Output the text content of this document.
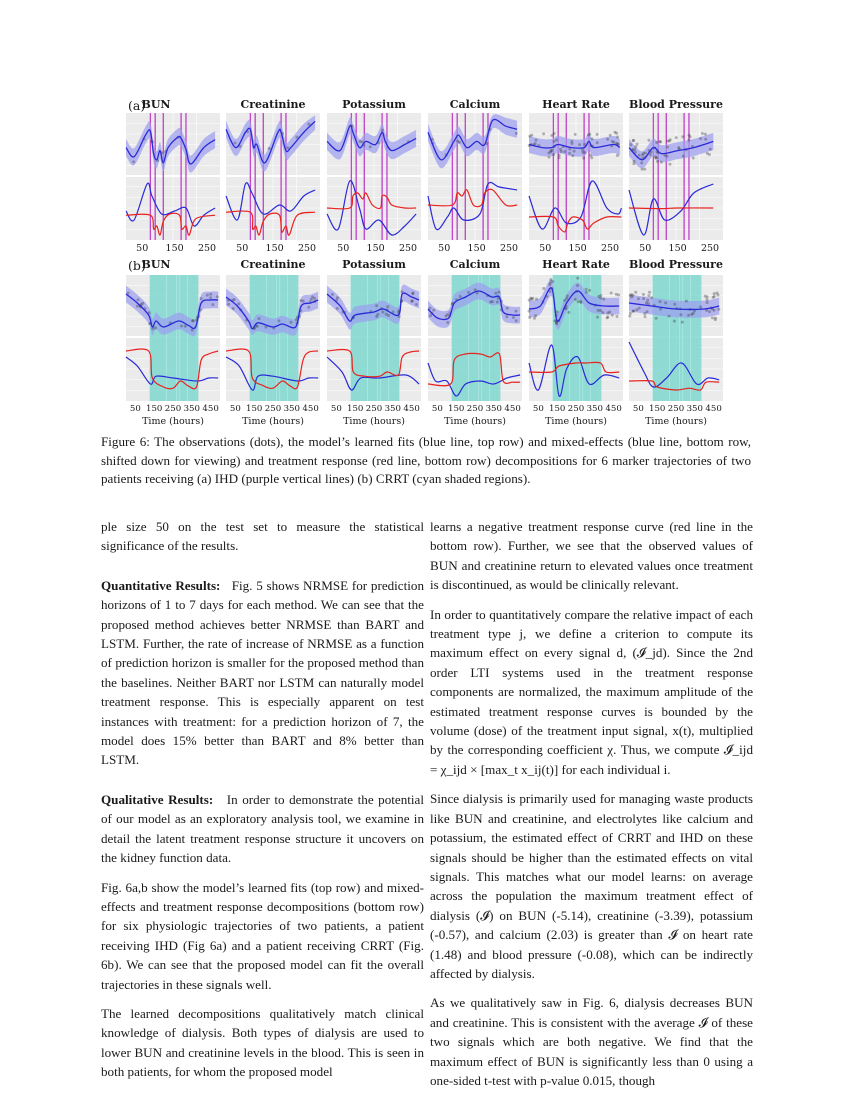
(a)
(b)
BUN
50	150	250
Creatinine
50	150	250
Potassium
50	150	250
Calcium
50	150	250
Heart Rate
50	150	250
Blood Pressure
50	150	250
BUN
50 150 250 350 450
Time (hours)
Creatinine
50 150 250 350 450
Time (hours)
Potassium
50 150 250 350 450
Time (hours)
Calcium
50 150 250 350 450
Time (hours)
Heart Rate
50 150 250 350 450
Time (hours)
Blood Pressure
50 150 250 350 450
Time (hours)
Figure 6: The observations (dots), the model’s learned fits (blue line, top row) and mixed-effects (blue line, bottom row, shifted down for viewing) and treatment response (red line, bottom row) decompositions for 6 marker trajectories of two patients receiving (a) IHD (purple vertical lines) (b) CRRT (cyan shaded regions).

ple size 50 on the test set to measure the statistical significance of the results.

Quantitative Results: Fig. 5 shows NRMSE for prediction horizons of 1 to 7 days for each method. We can see that the proposed method achieves better NRMSE than BART and LSTM. Further, the rate of increase of NRMSE as a function of prediction horizon is smaller for the proposed method than the baselines. Neither BART nor LSTM can naturally model treatment response. This is especially apparent on test instances with treatment: for a prediction horizon of 7, the model does 15% better than BART and 8% better than LSTM.

Qualitative Results: In order to demonstrate the potential of our model as an exploratory analysis tool, we examine in detail the latent treatment response structure it uncovers on the kidney function data.

Fig. 6a,b show the model’s learned fits (top row) and mixed-effects and treatment response decompositions (bottom row) for six physiologic trajectories of two patients, a patient receiving IHD (Fig 6a) and a patient receiving CRRT (Fig. 6b). We can see that the proposed model can fit the overall trajectories in these signals well.

The learned decompositions qualitatively match clinical knowledge of dialysis. Both types of dialysis are used to lower BUN and creatinine levels in the blood. This is seen in both patients, for whom the proposed model

learns a negative treatment response curve (red line in the bottom row). Further, we see that the observed values of BUN and creatinine return to elevated values once treatment is discontinued, as would be clinically relevant.

In order to quantitatively compare the relative impact of each treatment type j, we define a criterion to compute its maximum effect on every signal d, (𝓘_jd). Since the 2nd order LTI systems used in the treatment response components are normalized, the maximum amplitude of the estimated treatment response curves is bounded by the volume (dose) of the treatment input signal, x(t), multiplied by the corresponding coefficient χ. Thus, we compute 𝓘_ijd = χ_ijd × [max_t x_ij(t)] for each individual i.

Since dialysis is primarily used for managing waste products like BUN and creatinine, and electrolytes like calcium and potassium, the estimated effect of CRRT and IHD on these signals should be higher than the estimated effects on vital signals. This matches what our model learns: on average across the population the maximum treatment effect of dialysis (𝓘) on BUN (-5.14), creatinine (-3.39), potassium (-0.57), and calcium (2.03) is greater than 𝓘 on heart rate (1.48) and blood pressure (-0.08), which can be indirectly affected by dialysis.

As we qualitatively saw in Fig. 6, dialysis decreases BUN and creatinine. This is consistent with the average 𝓘 of these two signals which are both negative. We find that the maximum effect of BUN is significantly less than 0 using a one-sided t-test with p-value 0.015, though
